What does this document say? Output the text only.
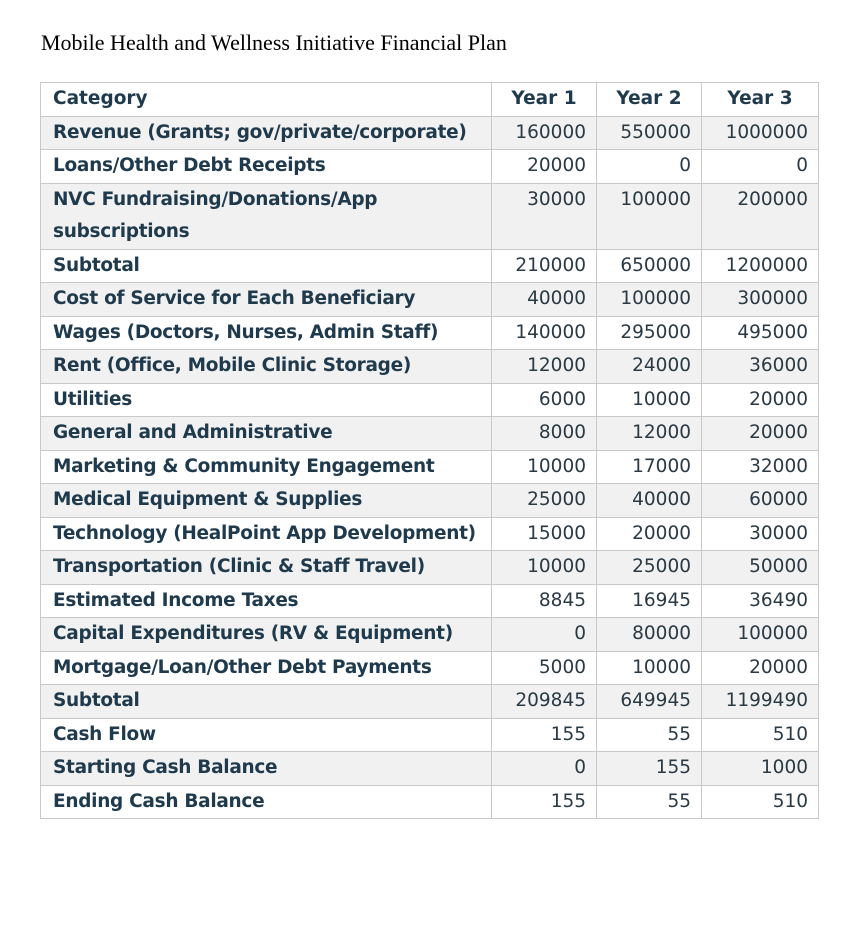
Mobile Health and Wellness Initiative Financial Plan
Category	Year 1	Year 2	Year 3
Revenue (Grants; gov/private/corporate)	160000	550000	1000000
Loans/Other Debt Receipts	20000	0	0
NVC Fundraising/Donations/App subscriptions	30000	100000	200000
Subtotal	210000	650000	1200000
Cost of Service for Each Beneficiary	40000	100000	300000
Wages (Doctors, Nurses, Admin Staff)	140000	295000	495000
Rent (Office, Mobile Clinic Storage)	12000	24000	36000
Utilities	6000	10000	20000
General and Administrative	8000	12000	20000
Marketing & Community Engagement	10000	17000	32000
Medical Equipment & Supplies	25000	40000	60000
Technology (HealPoint App Development)	15000	20000	30000
Transportation (Clinic & Staff Travel)	10000	25000	50000
Estimated Income Taxes	8845	16945	36490
Capital Expenditures (RV & Equipment)	0	80000	100000
Mortgage/Loan/Other Debt Payments	5000	10000	20000
Subtotal	209845	649945	1199490
Cash Flow	155	55	510
Starting Cash Balance	0	155	1000
Ending Cash Balance	155	55	510
